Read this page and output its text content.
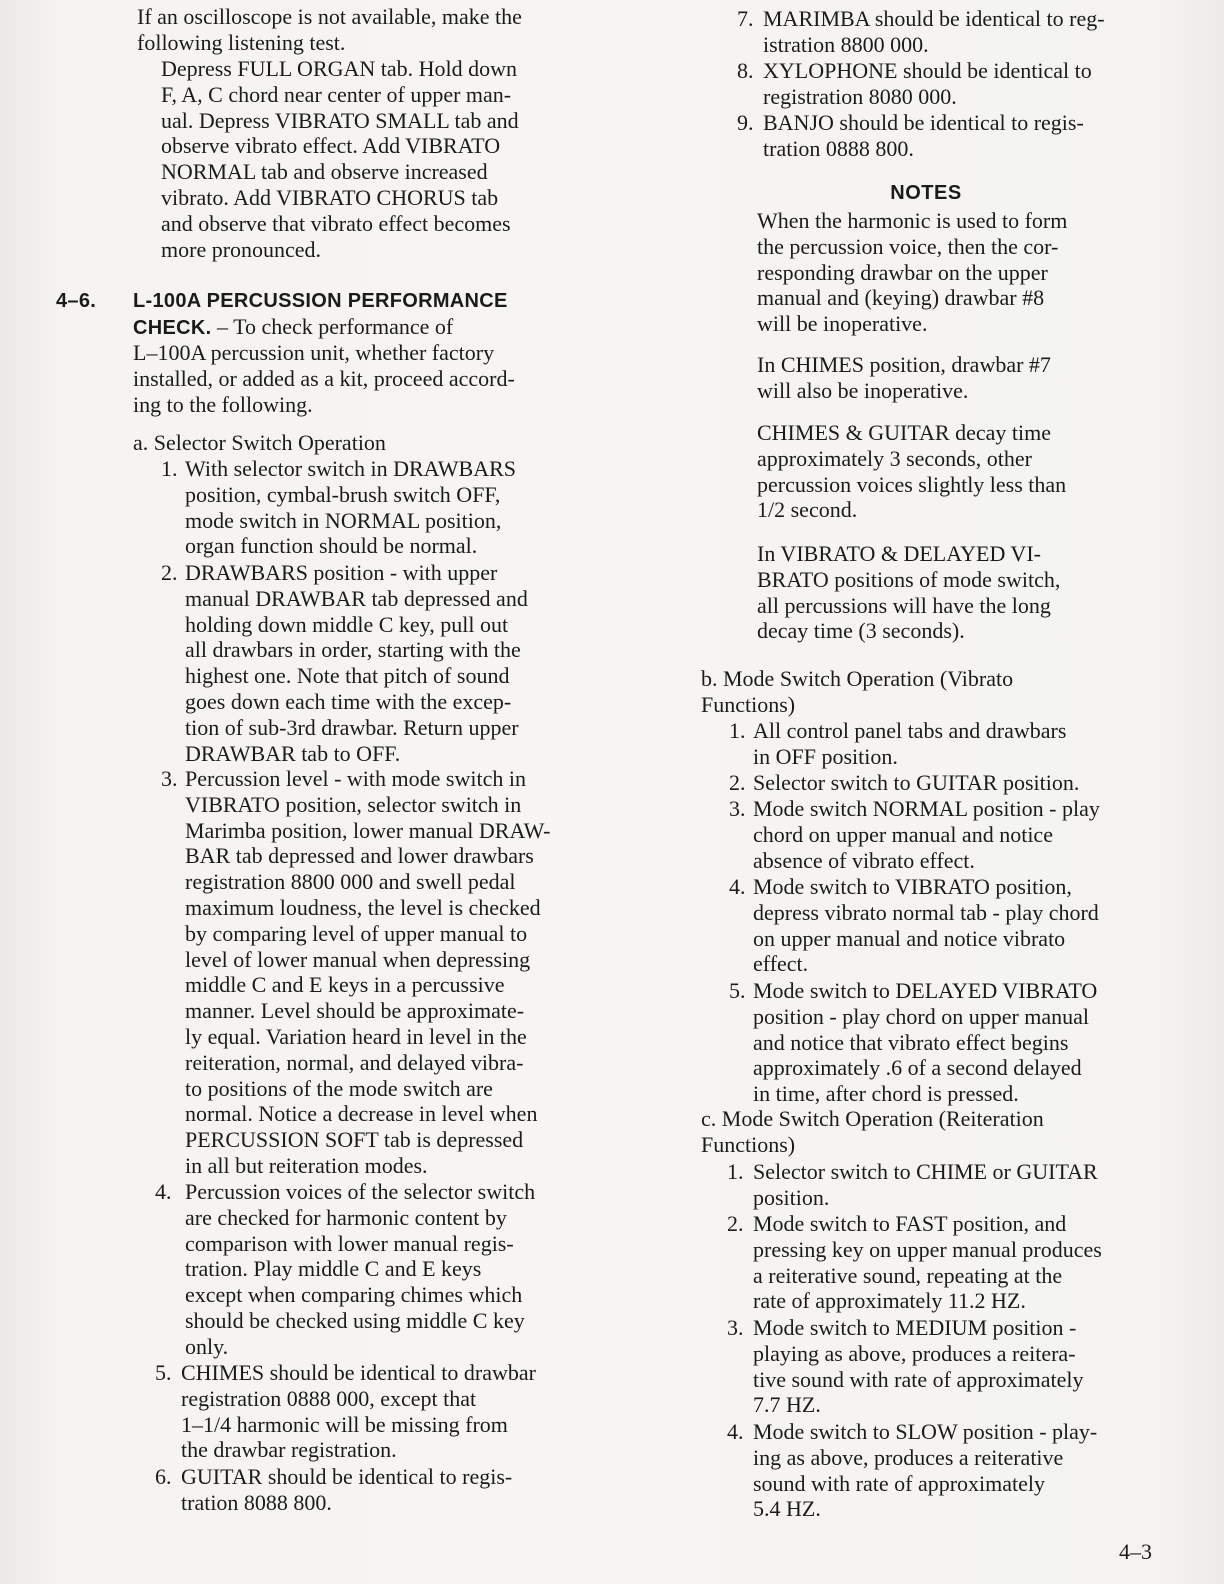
If an oscilloscope is not available, make the
following listening test.
Depress FULL ORGAN tab. Hold down
F, A, C chord near center of upper man-
ual. Depress VIBRATO SMALL tab and
observe vibrato effect. Add VIBRATO
NORMAL tab and observe increased
vibrato. Add VIBRATO CHORUS tab
and observe that vibrato effect becomes
more pronounced.
4–6. L-100A PERCUSSION PERFORMANCE
CHECK. – To check performance of
L–100A percussion unit, whether factory
installed, or added as a kit, proceed accord-
ing to the following.
a. Selector Switch Operation
1. With selector switch in DRAWBARS
position, cymbal-brush switch OFF,
mode switch in NORMAL position,
organ function should be normal.
2. DRAWBARS position - with upper
manual DRAWBAR tab depressed and
holding down middle C key, pull out
all drawbars in order, starting with the
highest one. Note that pitch of sound
goes down each time with the excep-
tion of sub-3rd drawbar. Return upper
DRAWBAR tab to OFF.
3. Percussion level - with mode switch in
VIBRATO position, selector switch in
Marimba position, lower manual DRAW-
BAR tab depressed and lower drawbars
registration 8800 000 and swell pedal
maximum loudness, the level is checked
by comparing level of upper manual to
level of lower manual when depressing
middle C and E keys in a percussive
manner. Level should be approximate-
ly equal. Variation heard in level in the
reiteration, normal, and delayed vibra-
to positions of the mode switch are
normal. Notice a decrease in level when
PERCUSSION SOFT tab is depressed
in all but reiteration modes.
4. Percussion voices of the selector switch
are checked for harmonic content by
comparison with lower manual regis-
tration. Play middle C and E keys
except when comparing chimes which
should be checked using middle C key
only.
5. CHIMES should be identical to drawbar
registration 0888 000, except that
1–1/4 harmonic will be missing from
the drawbar registration.
6. GUITAR should be identical to regis-
tration 8088 800.
7. MARIMBA should be identical to reg-
istration 8800 000.
8. XYLOPHONE should be identical to
registration 8080 000.
9. BANJO should be identical to regis-
tration 0888 800.
NOTES
When the harmonic is used to form
the percussion voice, then the cor-
responding drawbar on the upper
manual and (keying) drawbar #8
will be inoperative.
In CHIMES position, drawbar #7
will also be inoperative.
CHIMES & GUITAR decay time
approximately 3 seconds, other
percussion voices slightly less than
1/2 second.
In VIBRATO & DELAYED VI-
BRATO positions of mode switch,
all percussions will have the long
decay time (3 seconds).
b. Mode Switch Operation (Vibrato
Functions)
1. All control panel tabs and drawbars
in OFF position.
2. Selector switch to GUITAR position.
3. Mode switch NORMAL position - play
chord on upper manual and notice
absence of vibrato effect.
4. Mode switch to VIBRATO position,
depress vibrato normal tab - play chord
on upper manual and notice vibrato
effect.
5. Mode switch to DELAYED VIBRATO
position - play chord on upper manual
and notice that vibrato effect begins
approximately .6 of a second delayed
in time, after chord is pressed.
c. Mode Switch Operation (Reiteration
Functions)
1. Selector switch to CHIME or GUITAR
position.
2. Mode switch to FAST position, and
pressing key on upper manual produces
a reiterative sound, repeating at the
rate of approximately 11.2 HZ.
3. Mode switch to MEDIUM position -
playing as above, produces a reitera-
tive sound with rate of approximately
7.7 HZ.
4. Mode switch to SLOW position - play-
ing as above, produces a reiterative
sound with rate of approximately
5.4 HZ.
4–3
